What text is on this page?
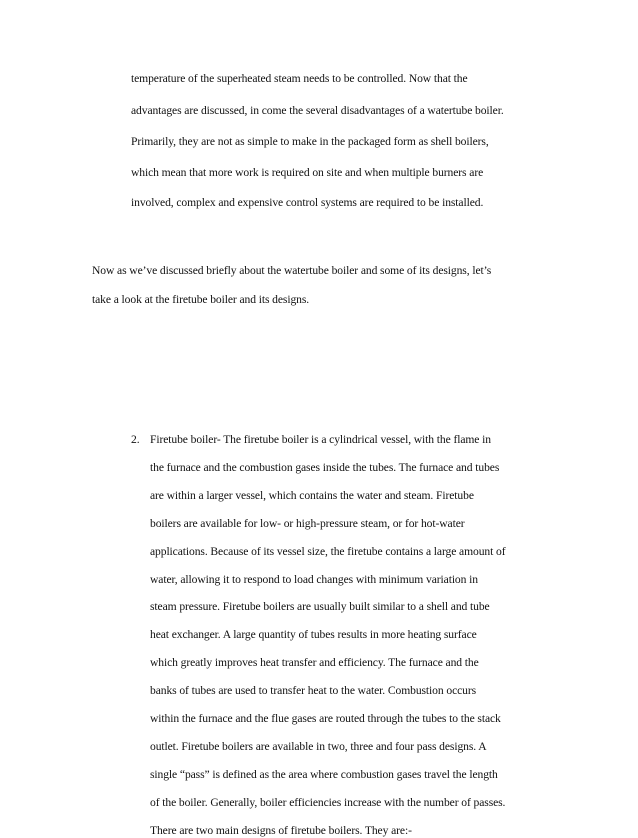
temperature of the superheated steam needs to be controlled. Now that the
advantages are discussed, in come the several disadvantages of a watertube boiler.
Primarily, they are not as simple to make in the packaged form as shell boilers,
which mean that more work is required on site and when multiple burners are
involved, complex and expensive control systems are required to be installed.
Now as we’ve discussed briefly about the watertube boiler and some of its designs, let’s
take a look at the firetube boiler and its designs.
2. Firetube boiler- The firetube boiler is a cylindrical vessel, with the flame in
the furnace and the combustion gases inside the tubes. The furnace and tubes
are within a larger vessel, which contains the water and steam. Firetube
boilers are available for low- or high-pressure steam, or for hot-water
applications. Because of its vessel size, the firetube contains a large amount of
water, allowing it to respond to load changes with minimum variation in
steam pressure. Firetube boilers are usually built similar to a shell and tube
heat exchanger. A large quantity of tubes results in more heating surface
which greatly improves heat transfer and efficiency. The furnace and the
banks of tubes are used to transfer heat to the water. Combustion occurs
within the furnace and the flue gases are routed through the tubes to the stack
outlet. Firetube boilers are available in two, three and four pass designs. A
single “pass” is defined as the area where combustion gases travel the length
of the boiler. Generally, boiler efficiencies increase with the number of passes.
There are two main designs of firetube boilers. They are:-
